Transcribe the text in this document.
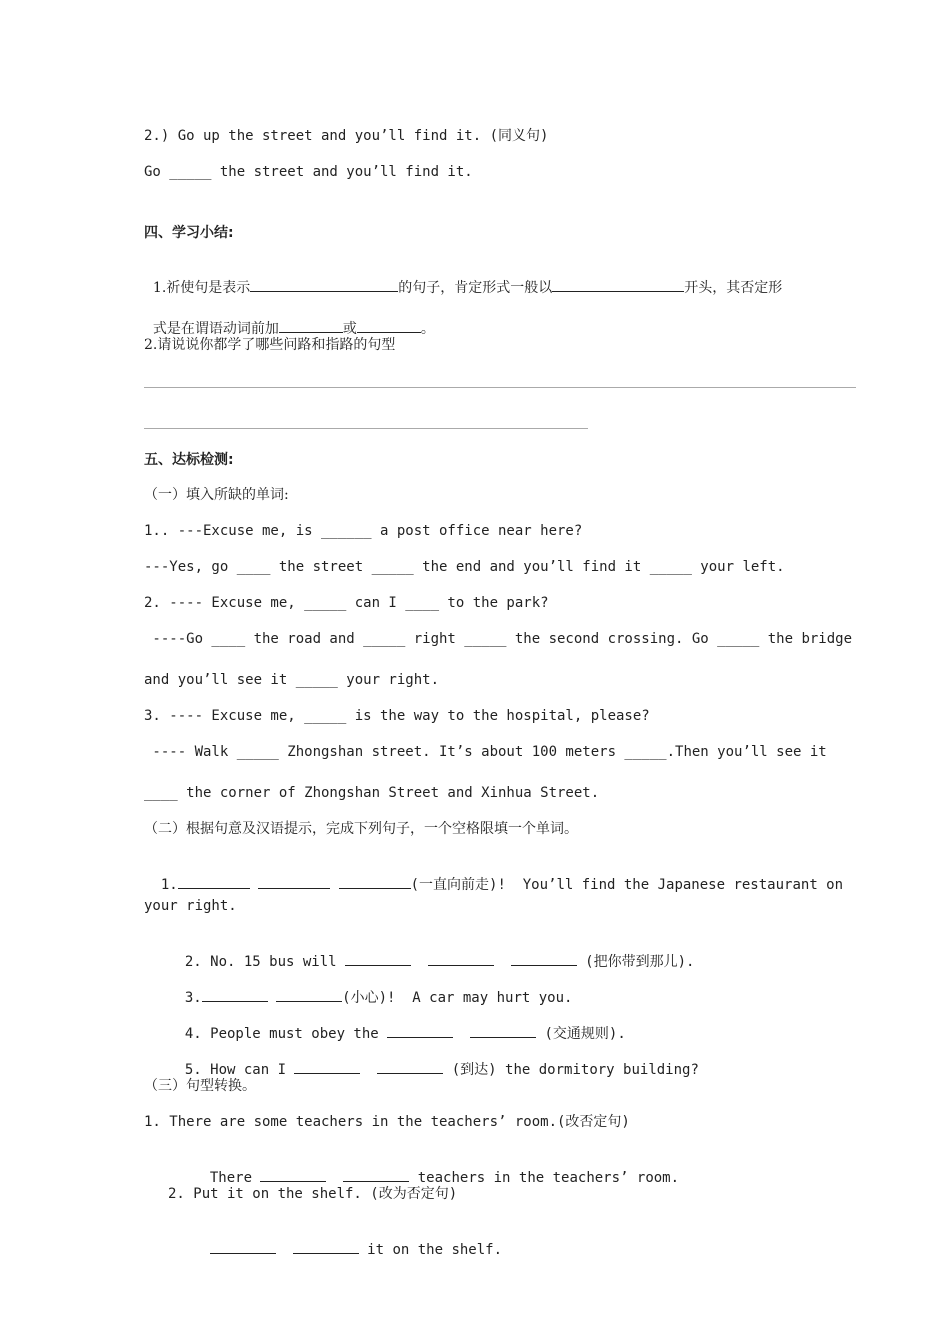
2.) Go up the street and you’ll find it. (同义句)
Go _____ the street and you’ll find it.
四、学习小结:

1.祈使句是表示	的句子，肯定形式一般以	开头，其否定形

式是在谓语动词前加	或	。

2.请说说你都学了哪些问路和指路的句型
五、达标检测:
（一）填入所缺的单词:
1.. ---Excuse me, is ______ a post office near here?
---Yes, go ____ the street _____ the end and you’ll find it _____ your left.
2. ---- Excuse me, _____ can I ____ to the park?
----Go ____ the road and _____ right _____ the second crossing. Go _____ the bridge
and you’ll see it _____ your right.
3. ---- Excuse me, _____ is the way to the hospital, please?
---- Walk _____ Zhongshan street. It’s about 100 meters _____.Then you’ll see it
____ the corner of Zhongshan Street and Xinhua Street.
（二）根据句意及汉语提示，完成下列句子，一个空格限填一个单词。

1.	(一直向前走)!  You’ll find the Japanese restaurant on

your right.

2. No. 15 bus will	(把你带到那儿).

3.	(小心)!  A car may hurt you.

4. People must obey the	(交通规则).

5. How can I	(到达) the dormitory building?

（三）句型转换。
1. There are some teachers in the teachers’ room.(改否定句)

There	teachers in the teachers’ room.

2. Put it on the shelf. (改为否定句)

it on the shelf.
